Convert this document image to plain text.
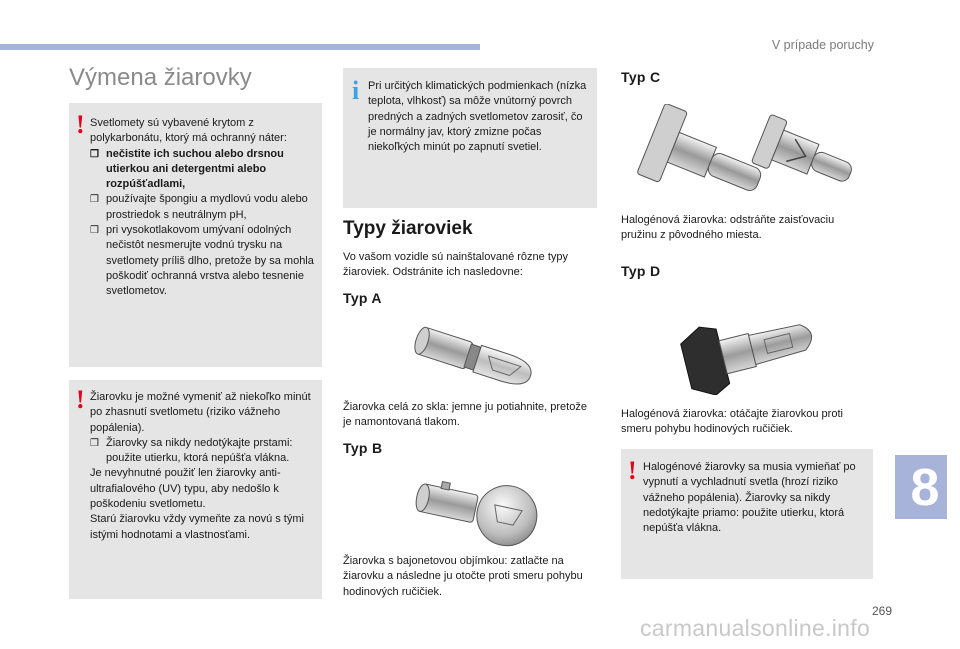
V prípade poruchy
Výmena žiarovky
! Svetlomety sú vybavené krytom z polykarbonátu, ktorý má ochranný náter:
❒ nečistite ich suchou alebo drsnou utierkou ani detergentmi alebo rozpúšťadlami,
❒ používajte špongiu a mydlovú vodu alebo prostriedok s neutrálnym pH,
❒ pri vysokotlakovom umývaní odolných nečistôt nesmerujte vodnú trysku na svetlomety príliš dlho, pretože by sa mohla poškodiť ochranná vrstva alebo tesnenie svetlometov.
! Žiarovku je možné vymeniť až niekoľko minút po zhasnutí svetlometu (riziko vážneho popálenia).
❒ Žiarovky sa nikdy nedotýkajte prstami: použite utierku, ktorá nepúšťa vlákna.
Je nevyhnutné použiť len žiarovky anti-ultrafialového (UV) typu, aby nedošlo k poškodeniu svetlometu.
Starú žiarovku vždy vymeňte za novú s tými istými hodnotami a vlastnosťami.
i Pri určitých klimatických podmienkach (nízka teplota, vlhkosť) sa môže vnútorný povrch predných a zadných svetlometov zarosiť, čo je normálny jav, ktorý zmizne počas niekoľkých minút po zapnutí svetiel.
Typy žiaroviek
Vo vašom vozidle sú nainštalované rôzne typy žiaroviek. Odstránite ich nasledovne:
Typ A
Žiarovka celá zo skla: jemne ju potiahnite, pretože je namontovaná tlakom.
Typ B
Žiarovka s bajonetovou objímkou: zatlačte na žiarovku a následne ju otočte proti smeru pohybu hodinových ručičiek.
Typ C
Halogénová žiarovka: odstráňte zaisťovaciu pružinu z pôvodného miesta.
Typ D
Halogénová žiarovka: otáčajte žiarovkou proti smeru pohybu hodinových ručičiek.
! Halogénové žiarovky sa musia vymieňať po vypnutí a vychladnutí svetla (hrozí riziko vážneho popálenia). Žiarovky sa nikdy nedotýkajte priamo: použite utierku, ktorá nepúšťa vlákna.
8
269
carmanualsonline.info
